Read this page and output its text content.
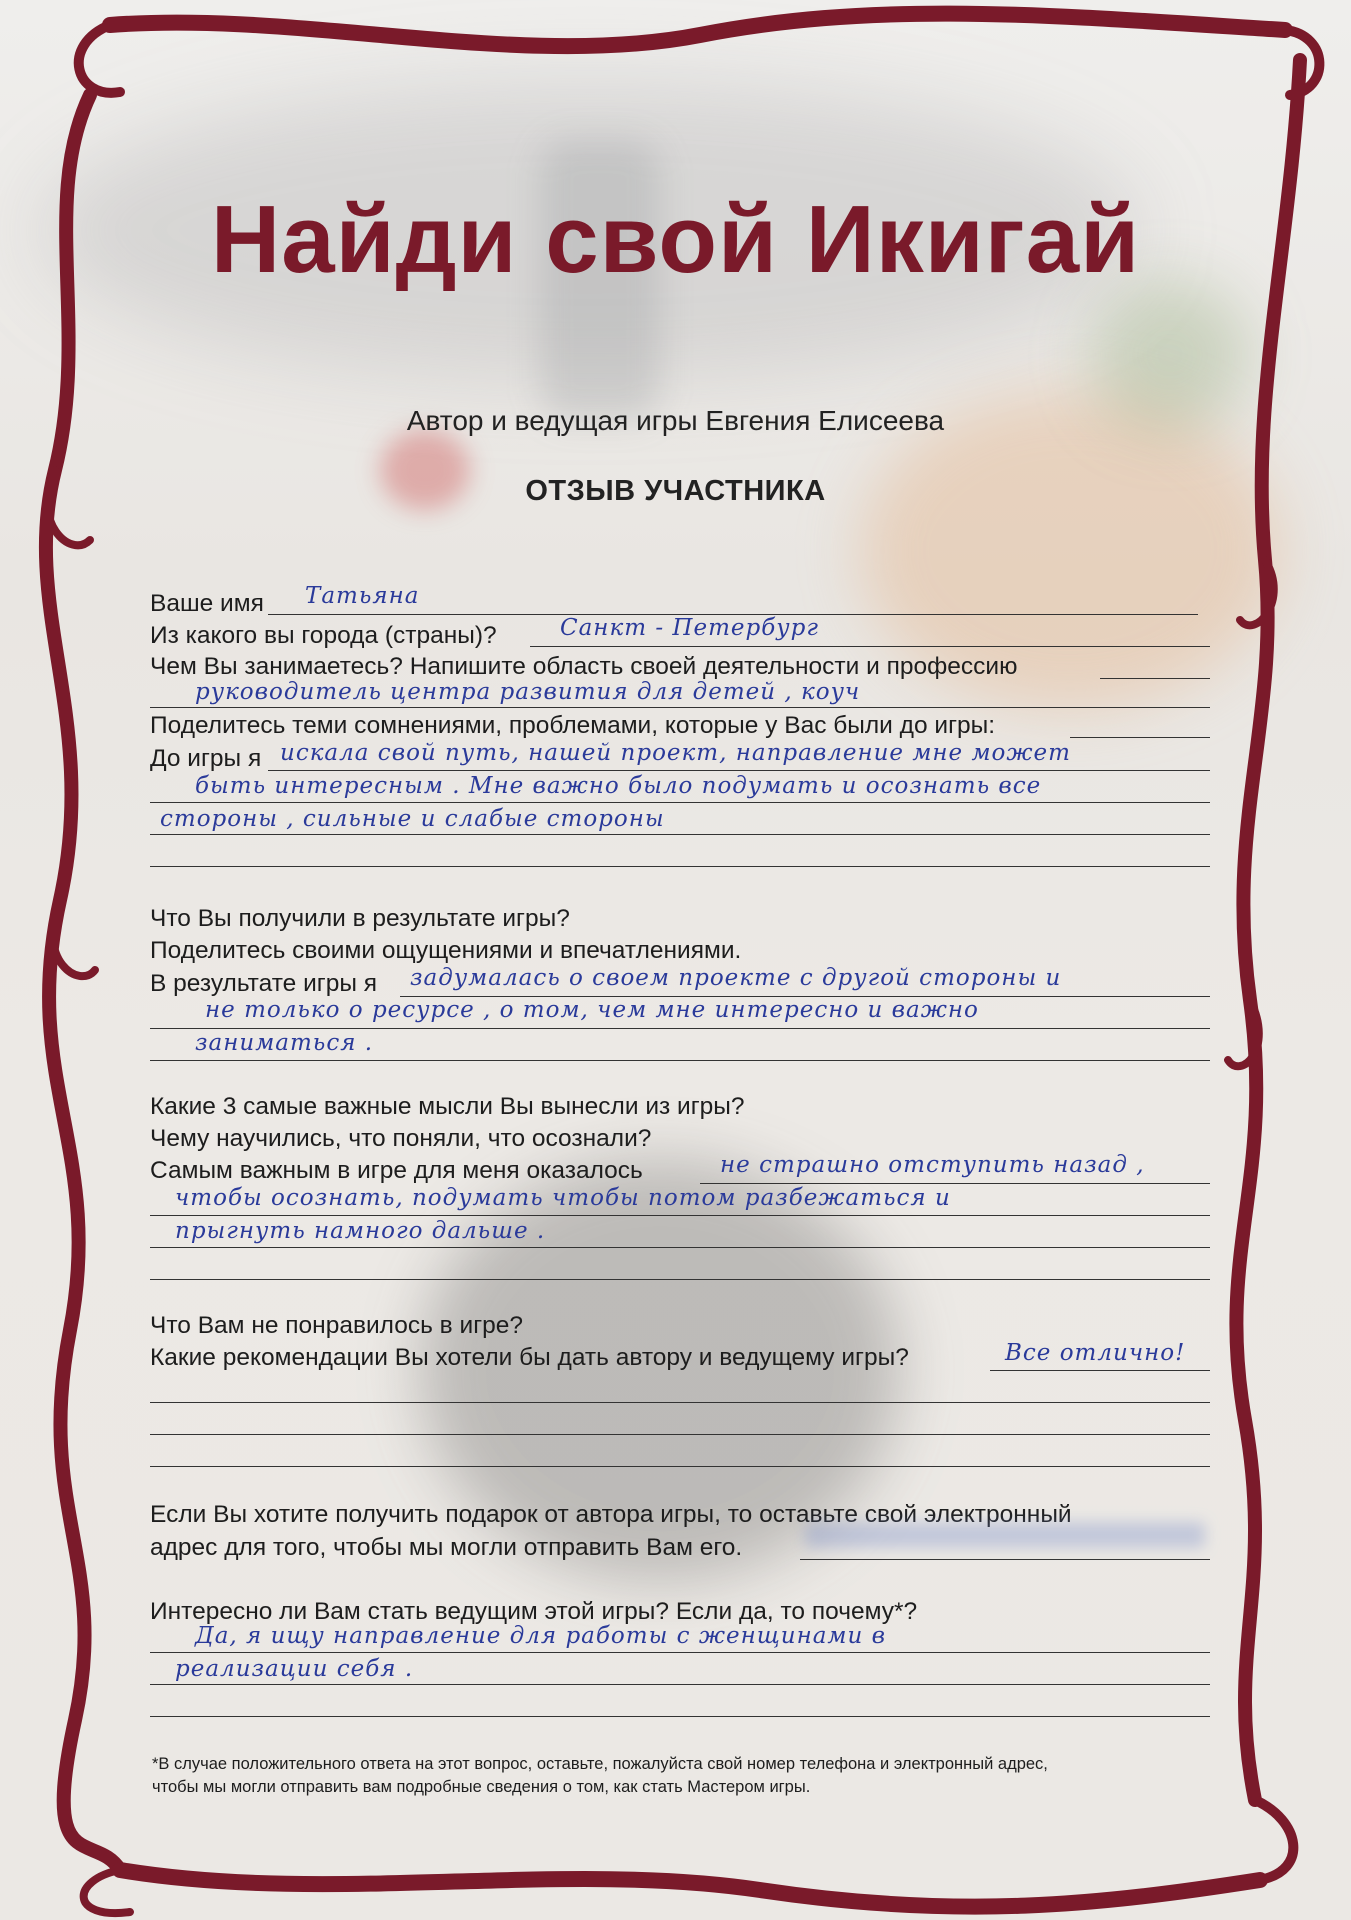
Найди свой Икигай
Автор и ведущая игры Евгения Елисеева
ОТЗЫВ УЧАСТНИКА
Ваше имя Татьяна
Из какого вы города (страны)?	Санкт - Петербург
Чем Вы занимаетесь? Напишите область своей деятельности и профессию
руководитель центра развития для детей , коуч
Поделитесь теми сомнениями, проблемами, которые у Вас были до игры:
До игры я искала свой путь, нашей проект, направление мне может
быть интересным . Мне важно было подумать и осознать все
стороны , сильные и слабые стороны
Что Вы получили в результате игры?
Поделитесь своими ощущениями и впечатлениями.
В результате игры я задумалась о своем проекте с другой стороны и
не только о ресурсе , о том, чем мне интересно и важно
заниматься .
Какие 3 самые важные мысли Вы вынесли из игры?
Чему научились, что поняли, что осознали?
Самым важным в игре для меня оказалось	не страшно отступить назад ,
чтобы осознать, подумать чтобы потом разбежаться и
прыгнуть намного дальше .
Что Вам не понравилось в игре?
Какие рекомендации Вы хотели бы дать автору и ведущему игры?	Все отлично!
Если Вы хотите получить подарок от автора игры, то оставьте свой электронный
адрес для того, чтобы мы могли отправить Вам его.
Интересно ли Вам стать ведущим этой игры? Если да, то почему*?
Да, я ищу направление для работы с женщинами в
реализации себя .
*В случае положительного ответа на этот вопрос, оставьте, пожалуйста свой номер телефона и электронный адрес,
чтобы мы могли отправить вам подробные сведения о том, как стать Мастером игры.
